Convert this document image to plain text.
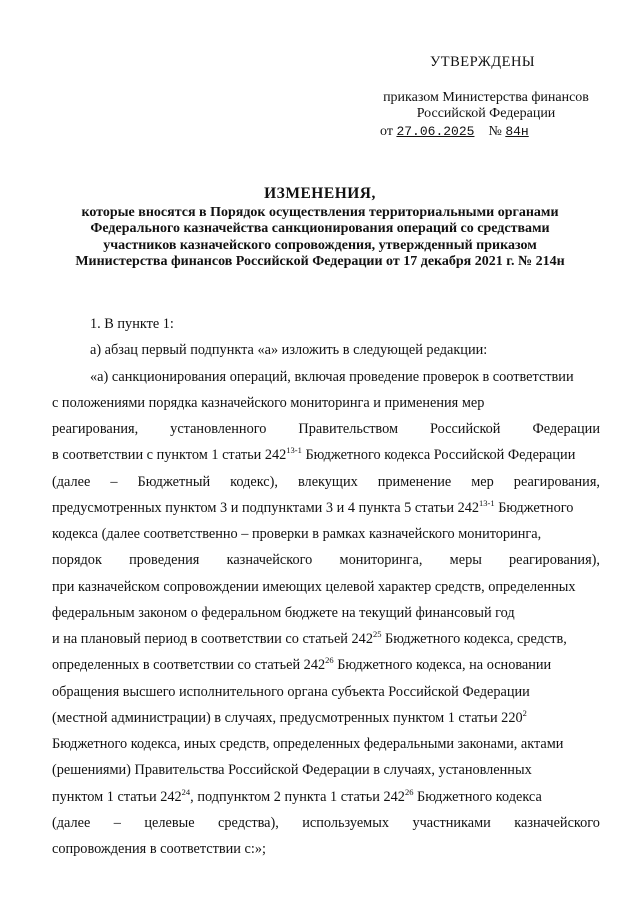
УТВЕРЖДЕНЫ
приказом Министерства финансов
Российской Федерации
от 27.06.2025 № 84н
ИЗМЕНЕНИЯ,
которые вносятся в Порядок осуществления территориальными органами
Федерального казначейства санкционирования операций со средствами
участников казначейского сопровождения, утвержденный приказом
Министерства финансов Российской Федерации от 17 декабря 2021 г. № 214н
1. В пункте 1:
а) абзац первый подпункта «а» изложить в следующей редакции:
«а) санкционирования операций, включая проведение проверок в соответствии
с положениями порядка казначейского мониторинга и применения мер
реагирования, установленного Правительством Российской Федерации
в соответствии с пунктом 1 статьи 242$^{13-1}$ Бюджетного кодекса Российской Федерации
(далее – Бюджетный кодекс), влекущих применение мер реагирования,
предусмотренных пунктом 3 и подпунктами 3 и 4 пункта 5 статьи 242$^{13-1}$ Бюджетного
кодекса (далее соответственно – проверки в рамках казначейского мониторинга,
порядок проведения казначейского мониторинга, меры реагирования),
при казначейском сопровождении имеющих целевой характер средств, определенных
федеральным законом о федеральном бюджете на текущий финансовый год
и на плановый период в соответствии со статьей $242^{25}$ Бюджетного кодекса, средств,
определенных в соответствии со статьей $242^{26}$ Бюджетного кодекса, на основании
обращения высшего исполнительного органа субъекта Российской Федерации
(местной администрации) в случаях, предусмотренных пунктом 1 статьи $220^2$
Бюджетного кодекса, иных средств, определенных федеральными законами, актами
(решениями) Правительства Российской Федерации в случаях, установленных
пунктом 1 статьи $242^{24}$, подпунктом 2 пункта 1 статьи $242^{26}$ Бюджетного кодекса
(далее – целевые средства), используемых участниками казначейского
сопровождения в соответствии с:»;
